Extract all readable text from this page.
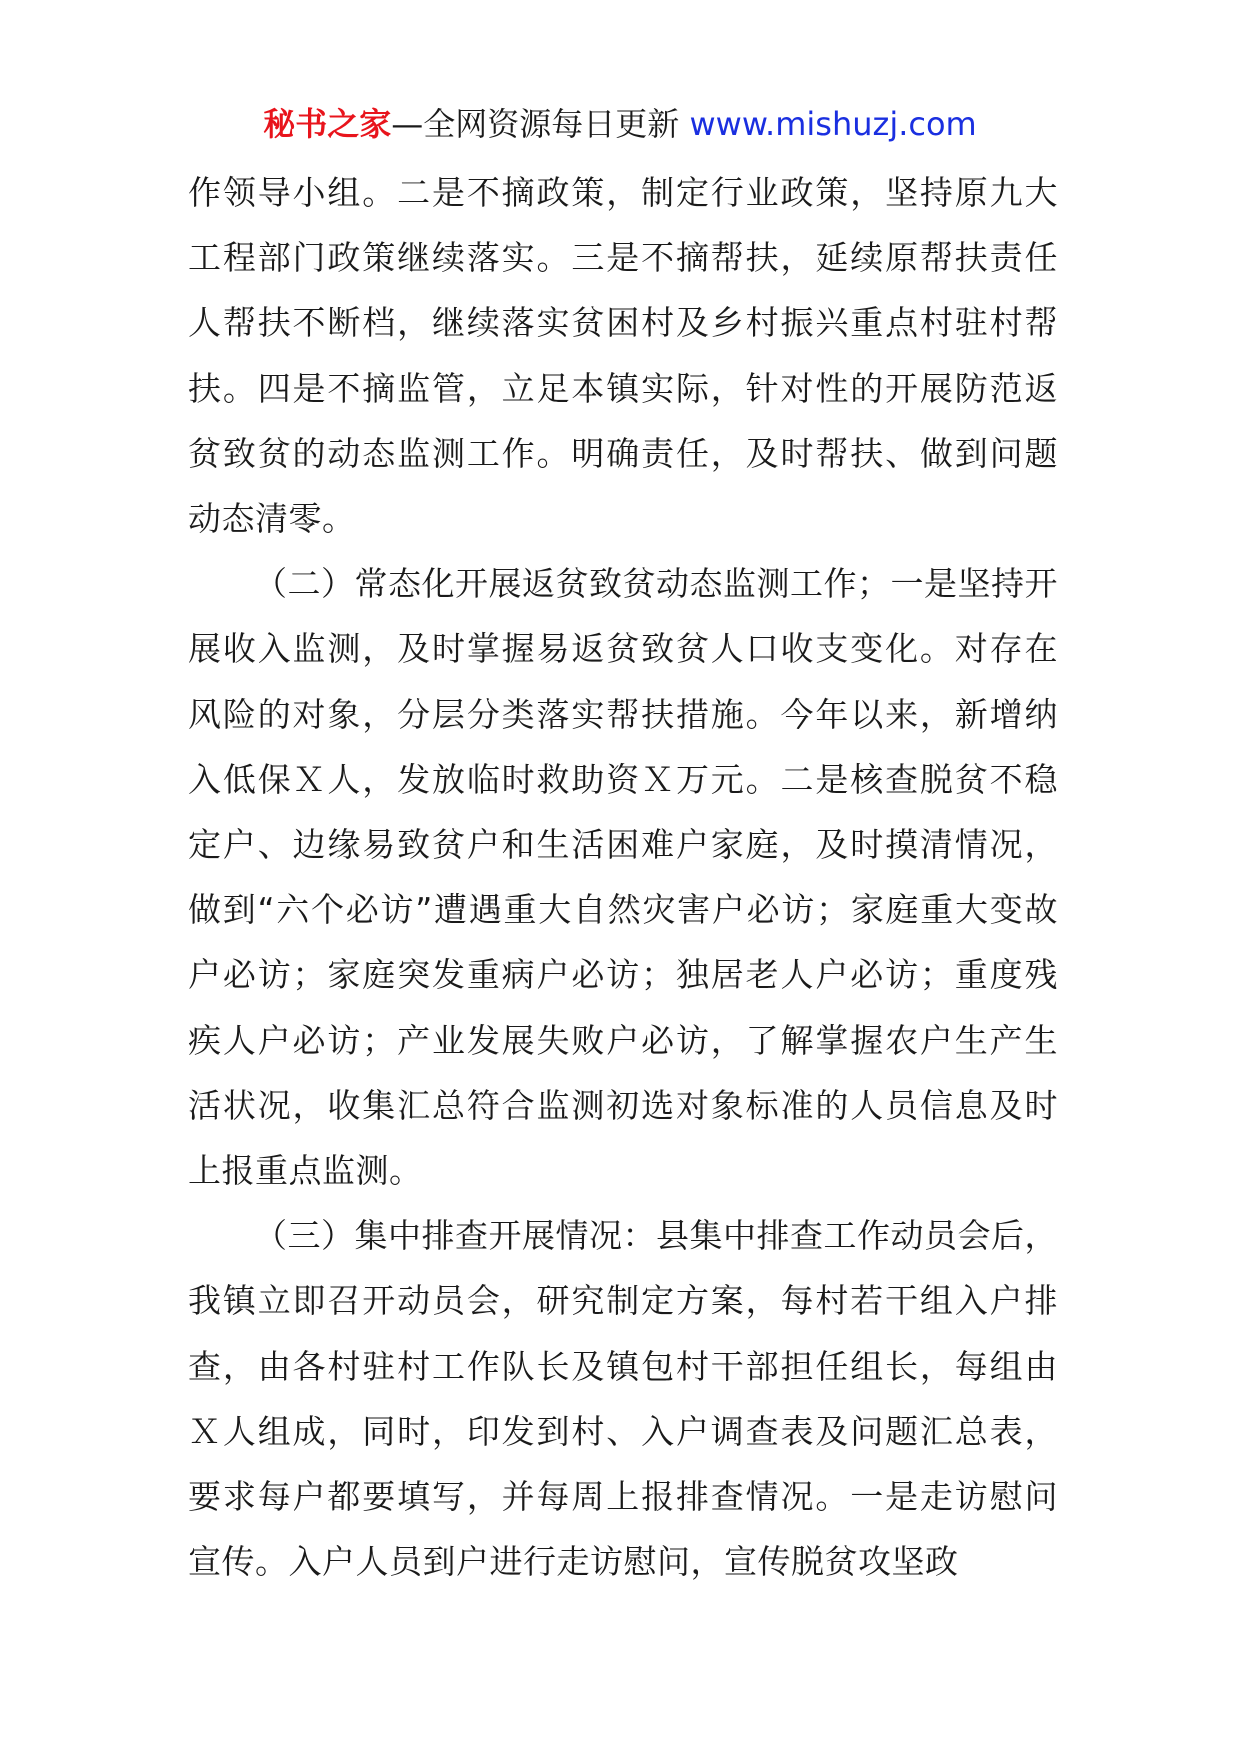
秘书之家—全网资源每日更新 www.mishuzj.com

作领导小组。二是不摘政策，制定行业政策，坚持原九大工程部门政策继续落实。三是不摘帮扶，延续原帮扶责任人帮扶不断档，继续落实贫困村及乡村振兴重点村驻村帮扶。四是不摘监管，立足本镇实际，针对性的开展防范返贫致贫的动态监测工作。明确责任，及时帮扶、做到问题动态清零。

（二）常态化开展返贫致贫动态监测工作；一是坚持开展收入监测，及时掌握易返贫致贫人口收支变化。对存在风险的对象，分层分类落实帮扶措施。今年以来，新增纳入低保Ｘ人，发放临时救助资Ｘ万元。二是核查脱贫不稳定户、边缘易致贫户和生活困难户家庭，及时摸清情况，做到“六个必访”遭遇重大自然灾害户必访；家庭重大变故户必访；家庭突发重病户必访；独居老人户必访；重度残疾人户必访；产业发展失败户必访，了解掌握农户生产生活状况，收集汇总符合监测初选对象标准的人员信息及时上报重点监测。

（三）集中排查开展情况：县集中排查工作动员会后，我镇立即召开动员会，研究制定方案，每村若干组入户排查，由各村驻村工作队长及镇包村干部担任组长，每组由Ｘ人组成，同时，印发到村、入户调查表及问题汇总表，要求每户都要填写，并每周上报排查情况。一是走访慰问宣传。入户人员到户进行走访慰问，宣传脱贫攻坚政
